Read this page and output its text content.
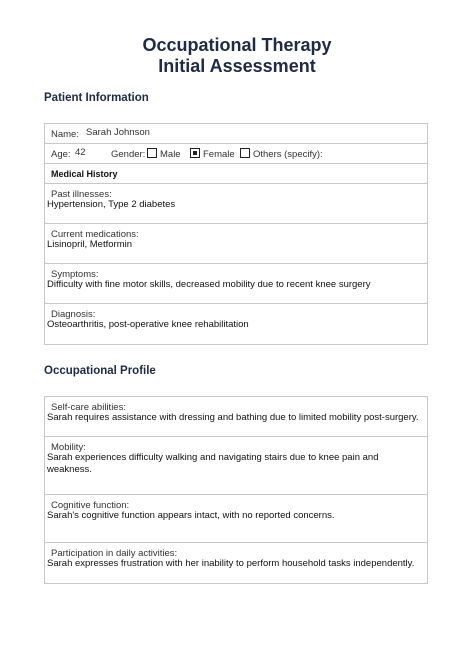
Occupational Therapy
Initial Assessment
Patient Information
Name: Sarah Johnson
Age: 42	Gender:	Male	Female	Others (specify):
Medical History
Past illnesses:
Hypertension, Type 2 diabetes
Current medications:
Lisinopril, Metformin
Symptoms:
Difficulty with fine motor skills, decreased mobility due to recent knee surgery
Diagnosis:
Osteoarthritis, post-operative knee rehabilitation
Occupational Profile
Self-care abilities:
Sarah requires assistance with dressing and bathing due to limited mobility post-surgery.
Mobility:
Sarah experiences difficulty walking and navigating stairs due to knee pain and weakness.
Cognitive function:
Sarah's cognitive function appears intact, with no reported concerns.
Participation in daily activities:
Sarah expresses frustration with her inability to perform household tasks independently.
